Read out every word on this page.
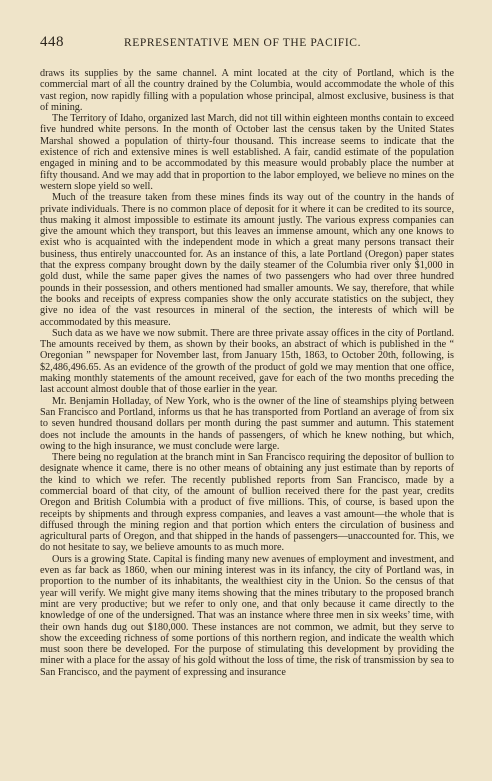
448	REPRESENTATIVE MEN OF THE PACIFIC.

draws its supplies by the same channel. A mint located at the city of Portland, which is the commercial mart of all the country drained by the Columbia, would accommodate the whole of this vast region, now rapidly filling with a population whose principal, almost exclusive, business is that of mining.

The Territory of Idaho, organized last March, did not till within eighteen months contain to exceed five hundred white persons. In the month of October last the census taken by the United States Marshal showed a population of thirty-four thousand. This increase seems to indicate that the existence of rich and extensive mines is well established. A fair, candid estimate of the population engaged in mining and to be accommodated by this measure would probably place the number at fifty thousand. And we may add that in proportion to the labor employed, we believe no mines on the western slope yield so well.

Much of the treasure taken from these mines finds its way out of the country in the hands of private individuals. There is no common place of deposit for it where it can be credited to its source, thus making it almost impossible to estimate its amount justly. The various express companies can give the amount which they transport, but this leaves an immense amount, which any one knows to exist who is acquainted with the independent mode in which a great many persons transact their business, thus entirely unaccounted for. As an instance of this, a late Portland (Oregon) paper states that the express company brought down by the daily steamer of the Columbia river only $1,000 in gold dust, while the same paper gives the names of two passengers who had over three hundred pounds in their possession, and others mentioned had smaller amounts. We say, therefore, that while the books and receipts of express companies show the only accurate statistics on the subject, they give no idea of the vast resources in mineral of the section, the interests of which will be accommodated by this measure.

Such data as we have we now submit. There are three private assay offices in the city of Portland. The amounts received by them, as shown by their books, an abstract of which is published in the “ Oregonian ” newspaper for November last, from January 15th, 1863, to October 20th, following, is $2,486,496.65. As an evidence of the growth of the product of gold we may mention that one office, making monthly statements of the amount received, gave for each of the two months preceding the last account almost double that of those earlier in the year.

Mr. Benjamin Holladay, of New York, who is the owner of the line of steamships plying between San Francisco and Portland, informs us that he has transported from Portland an average of from six to seven hundred thousand dollars per month during the past summer and autumn. This statement does not include the amounts in the hands of passengers, of which he knew nothing, but which, owing to the high insurance, we must conclude were large.

There being no regulation at the branch mint in San Francisco requiring the depositor of bullion to designate whence it came, there is no other means of obtaining any just estimate than by reports of the kind to which we refer. The recently published reports from San Francisco, made by a commercial board of that city, of the amount of bullion received there for the past year, credits Oregon and British Columbia with a product of five millions. This, of course, is based upon the receipts by shipments and through express companies, and leaves a vast amount—the whole that is diffused through the mining region and that portion which enters the circulation of business and agricultural parts of Oregon, and that shipped in the hands of passengers—unaccounted for. This, we do not hesitate to say, we believe amounts to as much more.

Ours is a growing State. Capital is finding many new avenues of employment and investment, and even as far back as 1860, when our mining interest was in its infancy, the city of Portland was, in proportion to the number of its inhabitants, the wealthiest city in the Union. So the census of that year will verify. We might give many items showing that the mines tributary to the proposed branch mint are very productive; but we refer to only one, and that only because it came directly to the knowledge of one of the undersigned. That was an instance where three men in six weeks’ time, with their own hands dug out $180,000. These instances are not common, we admit, but they serve to show the exceeding richness of some portions of this northern region, and indicate the wealth which must soon there be developed. For the purpose of stimulating this development by providing the miner with a place for the assay of his gold without the loss of time, the risk of transmission by sea to San Francisco, and the payment of expressing and insurance
